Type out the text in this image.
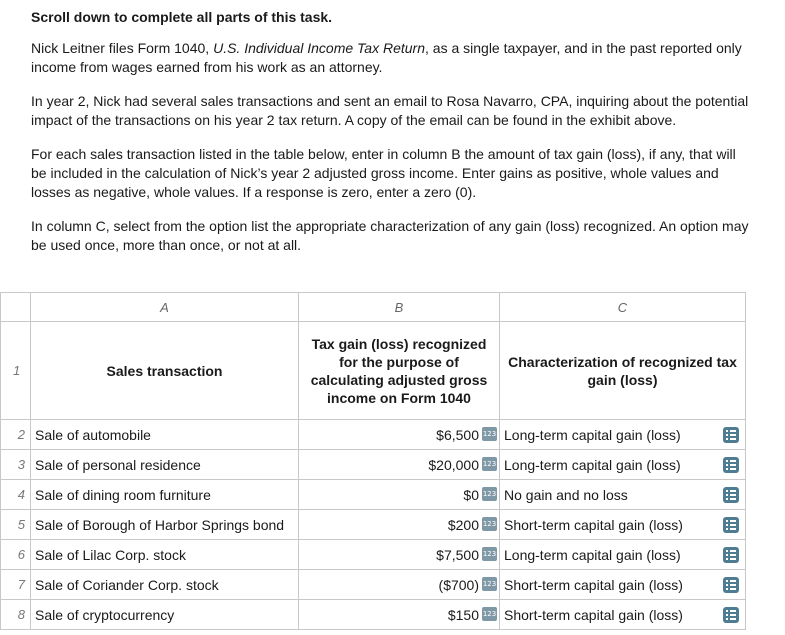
Scroll down to complete all parts of this task.

Nick Leitner files Form 1040, U.S. Individual Income Tax Return, as a single taxpayer, and in the past reported only income from wages earned from his work as an attorney.

In year 2, Nick had several sales transactions and sent an email to Rosa Navarro, CPA, inquiring about the potential impact of the transactions on his year 2 tax return. A copy of the email can be found in the exhibit above.

For each sales transaction listed in the table below, enter in column B the amount of tax gain (loss), if any, that will be included in the calculation of Nick’s year 2 adjusted gross income. Enter gains as positive, whole values and losses as negative, whole values. If a response is zero, enter a zero (0).

In column C, select from the option list the appropriate characterization of any gain (loss) recognized. An option may be used once, more than once, or not at all.

	A	B	C
1	Sales transaction	Tax gain (loss) recognized for the purpose of calculating adjusted gross income on Form 1040	Characterization of recognized tax gain (loss)
2	Sale of automobile	$6,500 123	Long-term capital gain (loss)

3	Sale of personal residence	$20,000 123	Long-term capital gain (loss)

4	Sale of dining room furniture	$0 123	No gain and no loss

5	Sale of Borough of Harbor Springs bond	$200 123	Short-term capital gain (loss)

6	Sale of Lilac Corp. stock	$7,500 123	Long-term capital gain (loss)

7	Sale of Coriander Corp. stock	($700) 123	Short-term capital gain (loss)

8	Sale of cryptocurrency	$150 123	Short-term capital gain (loss)
